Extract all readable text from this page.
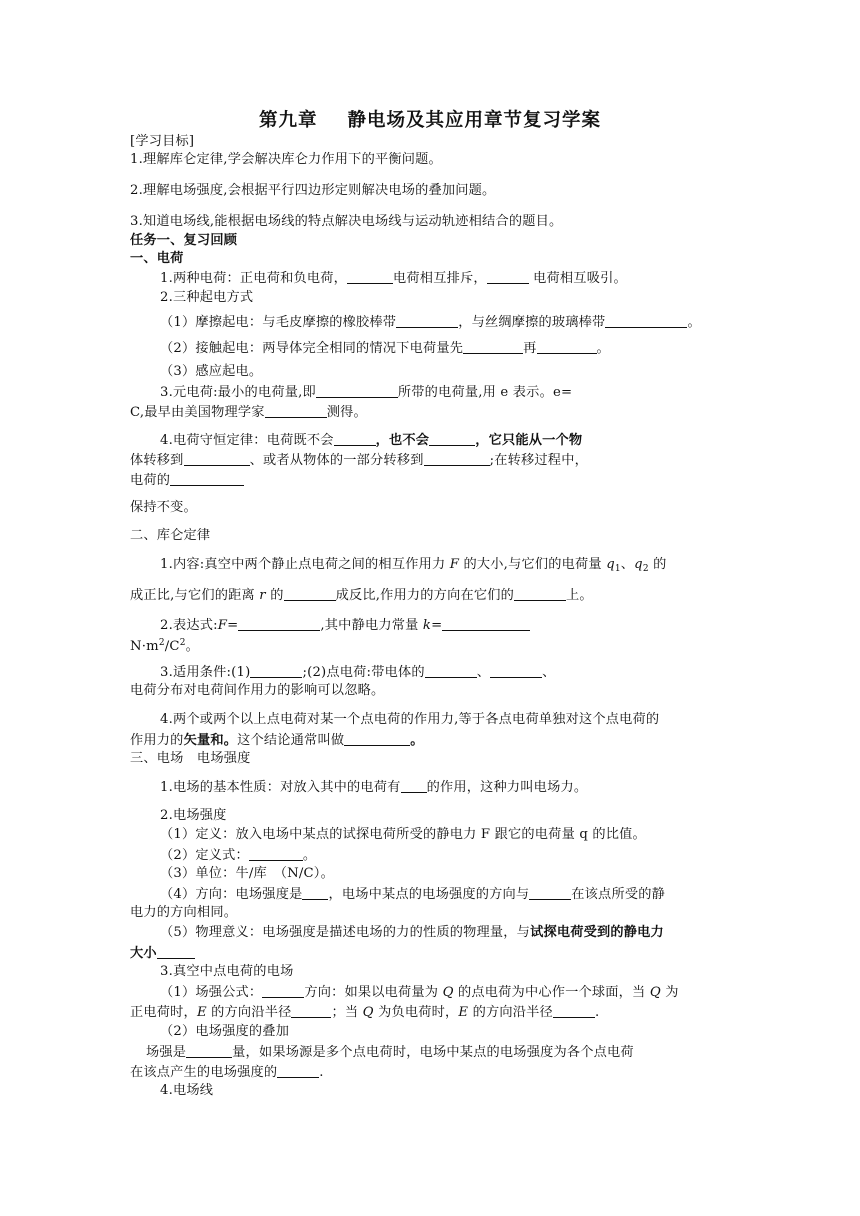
第九章 静电场及其应用章节复习学案
[学习目标]
1.理解库仑定律,学会解决库仑力作用下的平衡问题。
2.理解电场强度,会根据平行四边形定则解决电场的叠加问题。
3.知道电场线,能根据电场线的特点解决电场线与运动轨迹相结合的题目。
任务一、复习回顾
一、电荷
1.两种电荷：正电荷和负电荷，	电荷相互排斥，	电荷相互吸引。
2.三种起电方式
（1）摩擦起电：与毛皮摩擦的橡胶棒带	，与丝绸摩擦的玻璃棒带	。
（2）接触起电：两导体完全相同的情况下电荷量先	再	。
（3）感应起电。
3.元电荷:最小的电荷量,即	所带的电荷量,用 e 表示。e=
C,最早由美国物理学家	测得。
4.电荷守恒定律：电荷既不会	，也不会	，它只能从一个物
体转移到	、或者从物体的一部分转移到	;在转移过程中，
电荷的
保持不变。
二、库仑定律
1.内容:真空中两个静止点电荷之间的相互作用力 F 的大小,与它们的电荷量 $q_1$、$q_2$ 的
成正比,与它们的距离 r 的	成反比,作用力的方向在它们的	上。
2.表达式:F=	,其中静电力常量 k=
$N\cdot m^2/C^2$。
3.适用条件:(1)	;(2)点电荷:带电体的	、	、
电荷分布对电荷间作用力的影响可以忽略。
4.两个或两个以上点电荷对某一个点电荷的作用力,等于各点电荷单独对这个点电荷的
作用力的矢量和。这个结论通常叫做	。
三、电场　电场强度
1.电场的基本性质：对放入其中的电荷有 的作用，这种力叫电场力。
2.电场强度
（1）定义：放入电场中某点的试探电荷所受的静电力 F 跟它的电荷量 q 的比值。
（2）定义式：	。
（3）单位：牛/库　（N/C）。
（4）方向：电场强度是 ，电场中某点的电场强度的方向与	在该点所受的静
电力的方向相同。
（5）物理意义：电场强度是描述电场的力的性质的物理量，与试探电荷受到的静电力
大小
3.真空中点电荷的电场
（1）场强公式：	方向：如果以电荷量为 Q 的点电荷为中心作一个球面，当 Q 为
正电荷时，E 的方向沿半径	；当 Q 为负电荷时，E 的方向沿半径	.
（2）电场强度的叠加
场强是	量，如果场源是多个点电荷时，电场中某点的电场强度为各个点电荷
在该点产生的电场强度的	.
4.电场线
